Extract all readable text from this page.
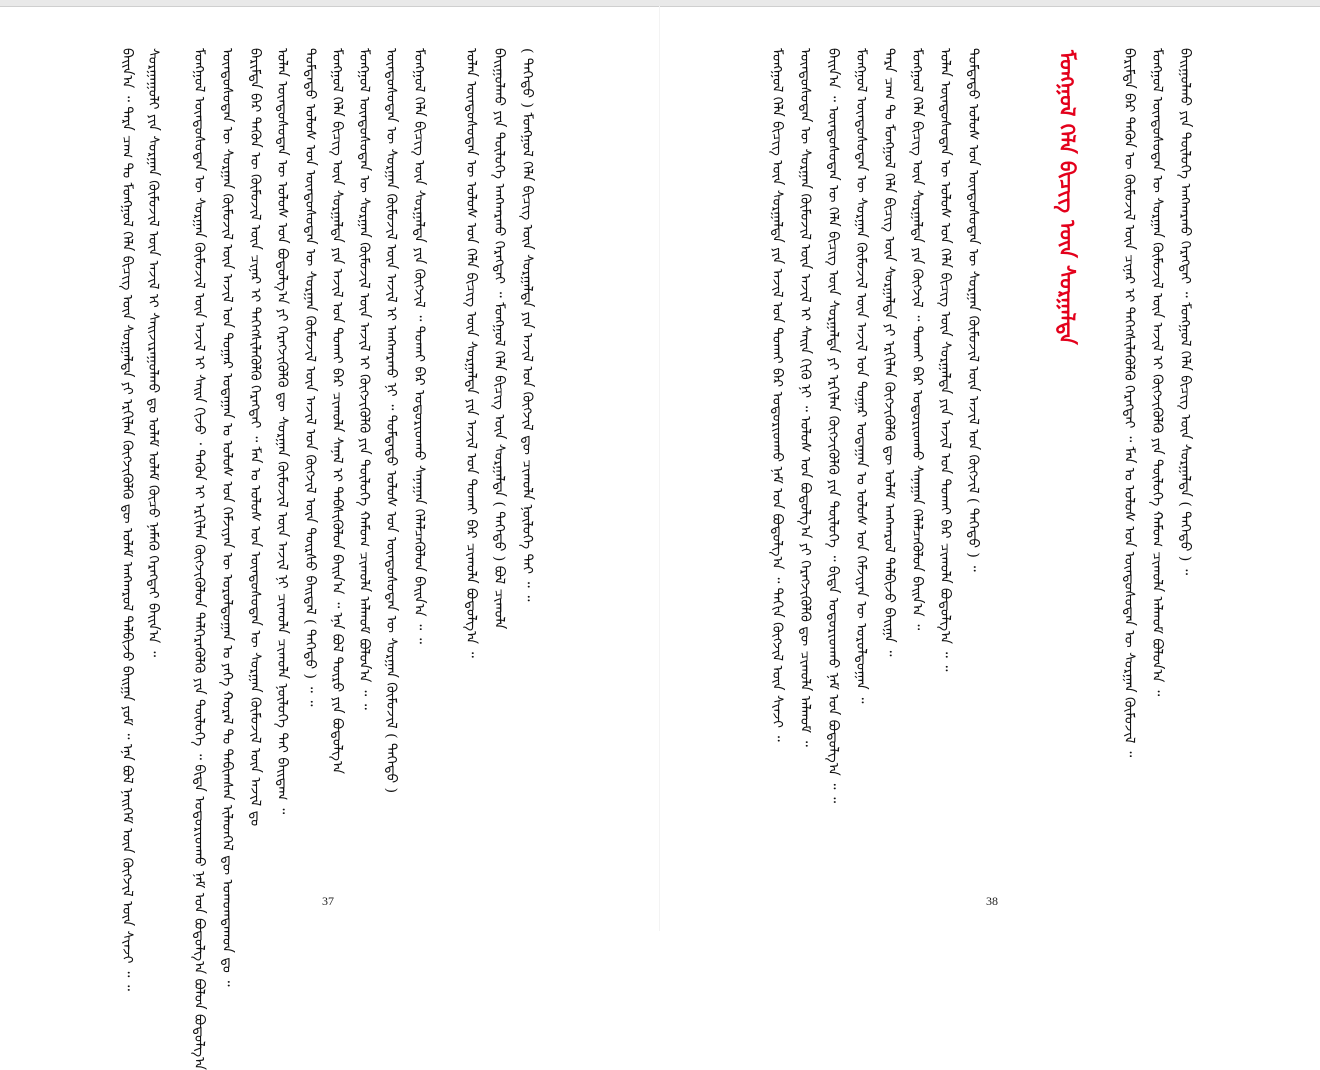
ᠪᠠᠢᠨ᠎ᠠ ᠃ ᠲᠡᠷᠡ ᠴᠠᠭ ᠲᠤ ᠮᠣᠩᠭᠣᠯ ᠬᠡᠯᠡ ᠪᠢᠴᠢᠭ ᠦᠨ ᠰᠤᠷᠭᠠᠯᠲᠠ ᠶᠢ ᠡᠷᠬᠢᠯᠡᠨ ᠬᠥᠭᠵᠢᠭᠦᠯᠬᠦ ᠳᠦ ᠤᠯᠠᠮ ᠠᠩᠬᠠᠷᠤᠯ ᠲᠠᠯᠪᠢᠵᠤ ᠪᠠᠢᠭᠠ ᠶᠤᠮ ᠃ ᠡᠨᠡ ᠪᠣᠯ ᠨᠡᠢᠭᠡᠮ ᠦᠨ ᠬᠥᠭᠵᠢᠯ ᠦᠨ ᠰᠢᠨᠵᠢ ᠃ ᠃ ᠰᠤᠷᠭᠠᠭᠤᠯᠢ ᠶᠢᠨ ᠰᠤᠷᠭᠠᠨ ᠬᠦᠮᠦᠵᠢᠯ ᠦᠨ ᠠᠵᠢᠯ ᠢ ᠰᠠᠢᠵᠢᠷᠠᠭᠤᠯᠬᠤ ᠳᠤ ᠤᠯᠠᠮ ᠤᠯᠠᠮ ᠬᠦᠴᠦ ᠨᠡᠮᠡᠬᠦ ᠬᠡᠷᠡᠭᠲᠡᠢ ᠪᠠᠢᠨ᠎ᠠ ᠃ ᠮᠣᠩᠭᠣᠯ ᠦᠨᠳᠦᠰᠦᠲᠡᠨ ᠦ ᠰᠤᠷᠭᠠᠨ ᠬᠦᠮᠦᠵᠢᠯ ᠦᠨ ᠠᠵᠢᠯ ᠢ ᠰᠠᠢᠨ ᠬᠢᠵᠤ ᠂ ᠲᠡᠭᠦᠨ ᠢ ᠡᠷᠬᠢᠯᠡᠨ ᠬᠥᠭᠵᠢᠭᠦᠯᠦᠨ ᠳᠡᠯᠭᠡᠷᠡᠭᠦᠯᠬᠦ ᠶᠢᠨ ᠲᠥᠯᠦᠭᠡ ᠃ ᠪᠢᠳᠡ ᠤᠳᠤᠷᠢᠳᠬᠤ ᠨᠠᠮ ᠤᠨ ᠪᠣᠳᠤᠯᠭ᠎ᠠ ᠪᠣᠯᠤᠨ ᠪᠣᠳᠤᠯᠭ᠎ᠠ ᠦᠨᠳᠦᠰᠦᠲᠡᠨ ᠦ ᠰᠤᠷᠭᠠᠨ ᠬᠦᠮᠦᠵᠢᠯ ᠦᠨ ᠠᠵᠢᠯ ᠤᠨ ᠳᠤᠭᠠᠷ ᠤᠳᠠᠭᠠᠨ ᠤ ᠤᠯᠤᠰ ᠤᠨ ᠬᠡᠮᠵᠢᠶᠡᠨ ᠦ ᠤᠷᠤᠯᠳᠤᠭᠠᠨ ᠤ ᠶᠡᠬᠡ ᠬᠤᠷᠠᠯ ᠲᠤ ᠲᠠᠪᠢᠭᠰᠠᠨ ᠢᠯᠡᠳᠬᠡᠯ ᠳᠦ ᠤᠬᠤᠭᠳᠠᠬᠤᠨ ᠳᠤ ᠃ ᠪᠠᠷᠢᠮᠲᠠ ᠪᠠᠷ ᠲᠡᠭᠦᠨ ᠦ ᠬᠦᠮᠦᠵᠢᠯ ᠦᠨ ᠴᠢᠨᠠᠷ ᠢ ᠳᠡᠭᠡᠭᠰᠢᠯᠡᠭᠦᠯᠬᠦ ᠬᠡᠷᠡᠭᠲᠡᠢ ᠃ ᠮᠠᠨ ᠤ ᠤᠯᠤᠰ ᠤᠨ ᠦᠨᠳᠦᠰᠦᠲᠡᠨ ᠦ ᠰᠤᠷᠭᠠᠨ ᠬᠦᠮᠦᠵᠢᠯ ᠦᠨ ᠠᠵᠢᠯ ᠳᠤ ᠣᠯᠠᠨ ᠦᠨᠳᠦᠰᠦᠲᠡᠨ ᠦ ᠤᠯᠤᠰ ᠤᠨ ᠪᠣᠳᠤᠯᠭ᠎ᠠ ᠶᠢ ᠬᠡᠷᠡᠭᠵᠢᠭᠦᠯᠬᠦ ᠳᠦ ᠰᠤᠷᠭᠠᠨ ᠬᠦᠮᠦᠵᠢᠯ ᠦᠨ ᠠᠵᠢᠯ ᠨᠢ ᠴᠢᠬᠤᠯᠠ ᠴᠢᠬᠤᠯᠠ ᠨᠥᠯᠦᠭᠡ ᠲᠡᠢ ᠪᠠᠢᠳᠠᠭ ᠃ ᠳᠤᠮᠳᠠᠳᠤ ᠤᠯᠤᠰ ᠤᠨ ᠦᠨᠳᠦᠰᠦᠲᠡᠨ ᠦ ᠰᠤᠷᠭᠠᠨ ᠬᠦᠮᠦᠵᠢᠯ ᠦᠨ ᠠᠵᠢᠯ ᠤᠨ ᠬᠥᠭᠵᠢᠯ ᠦᠨ ᠳᠦᠷᠰᠦ ᠪᠠᠢᠳᠠᠯ ( ᠳᠡᠭᠡᠳᠦ ) ᠃ ᠃ ᠮᠣᠩᠭᠣᠯ ᠬᠡᠯᠡ ᠪᠢᠴᠢᠭ ᠦᠨ ᠰᠤᠷᠭᠠᠯᠲᠠ ᠶᠢᠨ ᠠᠵᠢᠯ ᠤᠨ ᠲᠤᠬᠠᠢ ᠪᠠᠷ ᠴᠢᠬᠤᠯᠠ ᠰᠠᠨᠠᠯ ᠢ ᠳᠡᠪᠰᠢᠭᠦᠯᠦᠨ ᠪᠠᠢᠨ᠎ᠠ ᠃ ᠡᠨᠡ ᠪᠣᠯ ᠲᠥᠷᠦ ᠶᠢᠨ ᠪᠣᠳᠤᠯᠭ᠎ᠠ ᠮᠣᠩᠭᠣᠯ ᠦᠨᠳᠦᠰᠦᠲᠡᠨ ᠦ ᠰᠤᠷᠭᠠᠨ ᠬᠦᠮᠦᠵᠢᠯ ᠦᠨ ᠠᠵᠢᠯ ᠢ ᠬᠥᠭᠵᠢᠭᠦᠯᠬᠦ ᠶᠢᠨ ᠲᠥᠯᠦᠭᠡ ᠬᠠᠮᠤᠭ ᠴᠢᠬᠤᠯᠠ ᠠᠯᠬᠤᠮ ᠪᠣᠯᠤᠨ᠎ᠠ ᠃ ᠃ ᠦᠨᠳᠦᠰᠦᠲᠡᠨ ᠦ ᠰᠤᠷᠭᠠᠨ ᠬᠦᠮᠦᠵᠢᠯ ᠦᠨ ᠠᠵᠢᠯ ᠢ ᠠᠩᠬᠠᠷᠬᠤ ᠨᠢ ᠃ ᠳᠤᠮᠳᠠᠳᠤ ᠤᠯᠤᠰ ᠤᠨ ᠦᠨᠳᠦᠰᠦᠲᠡᠨ ᠦ ᠰᠤᠷᠭᠠᠨ ᠬᠦᠮᠦᠵᠢᠯ ( ᠳᠡᠭᠡᠳᠦ ) ᠮᠣᠩᠭᠣᠯ ᠬᠡᠯᠡ ᠪᠢᠴᠢᠭ ᠦᠨ ᠰᠤᠷᠭᠠᠯᠲᠠ ᠶᠢᠨ ᠬᠥᠭᠵᠢᠯ ᠃ ᠲᠤᠬᠠᠢ ᠪᠠᠷ ᠤᠳᠤᠷᠢᠳᠬᠤ ᠰᠠᠨᠠᠭᠠᠨ ᠬᠡᠯᠡᠯᠴᠡᠭᠦᠯᠦᠨ ᠪᠠᠢᠨ᠎ᠠ ᠃ ᠃	ᠣᠯᠠᠨ ᠦᠨᠳᠦᠰᠦᠲᠡᠨ ᠦ ᠤᠯᠤᠰ ᠤᠨ ᠬᠡᠯᠡ ᠪᠢᠴᠢᠭ ᠦᠨ ᠰᠤᠷᠭᠠᠯᠲᠠ ᠶᠢᠨ ᠠᠵᠢᠯ ᠤᠨ ᠲᠤᠬᠠᠢ ᠪᠠᠷ ᠴᠢᠬᠤᠯᠠ ᠪᠣᠳᠤᠯᠭ᠎ᠠ ᠃ ᠪᠠᠢᠭᠤᠯᠬᠤ ᠶᠢᠨ ᠲᠥᠯᠦᠭᠡ ᠠᠩᠬᠠᠷᠬᠤ ᠬᠡᠷᠡᠭᠲᠡᠢ ᠃ ᠮᠣᠩᠭᠣᠯ ᠬᠡᠯᠡ ᠪᠢᠴᠢᠭ ᠦᠨ ᠰᠤᠷᠭᠠᠯᠲᠠ ( ᠳᠡᠭᠡᠳᠦ ) ᠪᠣᠯ ᠴᠢᠬᠤᠯᠠ ( ᠳᠡᠭᠡᠳᠦ ) ᠮᠣᠩᠭᠣᠯ ᠬᠡᠯᠡ ᠪᠢᠴᠢᠭ ᠦᠨ ᠰᠤᠷᠭᠠᠯᠲᠠ ᠶᠢᠨ ᠠᠵᠢᠯ ᠤᠨ ᠬᠥᠭᠵᠢᠯ ᠳᠦ ᠴᠢᠬᠤᠯᠠ ᠨᠥᠯᠦᠭᠡ ᠲᠡᠢ ᠃ ᠃
37
ᠮᠣᠩᠭᠣᠯ ᠬᠡᠯᠡ ᠪᠢᠴᠢᠭ ᠦᠨ ᠰᠤᠷᠭᠠᠯᠲᠠ ᠶᠢᠨ ᠠᠵᠢᠯ ᠤᠨ ᠲᠤᠬᠠᠢ ᠪᠠᠷ ᠤᠳᠤᠷᠢᠳᠬᠤ ᠨᠠᠮ ᠤᠨ ᠪᠣᠳᠤᠯᠭ᠎ᠠ ᠃ ᠳᠠᠬᠢᠨ ᠬᠥᠭᠵᠢᠯ ᠦᠨ ᠰᠢᠨᠵᠢ ᠃ ᠦᠨᠳᠦᠰᠦᠲᠡᠨ ᠦ ᠰᠤᠷᠭᠠᠨ ᠬᠦᠮᠦᠵᠢᠯ ᠦᠨ ᠠᠵᠢᠯ ᠢ ᠰᠠᠢᠨ ᠬᠢᠬᠦ ᠨᠢ ᠃ ᠤᠯᠤᠰ ᠤᠨ ᠪᠣᠳᠤᠯᠭ᠎ᠠ ᠶᠢ ᠬᠡᠷᠡᠭᠵᠢᠭᠦᠯᠬᠦ ᠳᠦ ᠴᠢᠬᠤᠯᠠ ᠠᠯᠬᠤᠮ ᠃ ᠪᠠᠢᠨ᠎ᠠ ᠃ ᠦᠨᠳᠦᠰᠦᠲᠡᠨ ᠦ ᠬᠡᠯᠡ ᠪᠢᠴᠢᠭ ᠦᠨ ᠰᠤᠷᠭᠠᠯᠲᠠ ᠶᠢ ᠡᠷᠬᠢᠯᠡᠨ ᠬᠥᠭᠵᠢᠭᠦᠯᠬᠦ ᠶᠢᠨ ᠲᠥᠯᠦᠭᠡ ᠃ ᠪᠢᠳᠡ ᠤᠳᠤᠷᠢᠳᠬᠤ ᠨᠠᠮ ᠤᠨ ᠪᠣᠳᠤᠯᠭ᠎ᠠ ᠃ ᠃ ᠮᠣᠩᠭᠣᠯ ᠦᠨᠳᠦᠰᠦᠲᠡᠨ ᠦ ᠰᠤᠷᠭᠠᠨ ᠬᠦᠮᠦᠵᠢᠯ ᠦᠨ ᠠᠵᠢᠯ ᠤᠨ ᠳᠤᠭᠠᠷ ᠤᠳᠠᠭᠠᠨ ᠤ ᠤᠯᠤᠰ ᠤᠨ ᠬᠡᠮᠵᠢᠶᠡᠨ ᠦ ᠤᠷᠤᠯᠳᠤᠭᠠᠨ ᠃ ᠲᠡᠷᠡ ᠴᠠᠭ ᠲᠤ ᠮᠣᠩᠭᠣᠯ ᠬᠡᠯᠡ ᠪᠢᠴᠢᠭ ᠦᠨ ᠰᠤᠷᠭᠠᠯᠲᠠ ᠶᠢ ᠡᠷᠬᠢᠯᠡᠨ ᠬᠥᠭᠵᠢᠭᠦᠯᠬᠦ ᠳᠦ ᠤᠯᠠᠮ ᠠᠩᠬᠠᠷᠤᠯ ᠲᠠᠯᠪᠢᠵᠤ ᠪᠠᠢᠭᠠ ᠃ ᠮᠣᠩᠭᠣᠯ ᠬᠡᠯᠡ ᠪᠢᠴᠢᠭ ᠦᠨ ᠰᠤᠷᠭᠠᠯᠲᠠ ᠶᠢᠨ ᠬᠥᠭᠵᠢᠯ ᠃ ᠲᠤᠬᠠᠢ ᠪᠠᠷ ᠤᠳᠤᠷᠢᠳᠬᠤ ᠰᠠᠨᠠᠭᠠᠨ ᠬᠡᠯᠡᠯᠴᠡᠭᠦᠯᠦᠨ ᠪᠠᠢᠨ᠎ᠠ ᠃ ᠣᠯᠠᠨ ᠦᠨᠳᠦᠰᠦᠲᠡᠨ ᠦ ᠤᠯᠤᠰ ᠤᠨ ᠬᠡᠯᠡ ᠪᠢᠴᠢᠭ ᠦᠨ ᠰᠤᠷᠭᠠᠯᠲᠠ ᠶᠢᠨ ᠠᠵᠢᠯ ᠤᠨ ᠲᠤᠬᠠᠢ ᠪᠠᠷ ᠴᠢᠬᠤᠯᠠ ᠪᠣᠳᠤᠯᠭ᠎ᠠ ᠃ ᠃ ᠳᠤᠮᠳᠠᠳᠤ ᠤᠯᠤᠰ ᠤᠨ ᠦᠨᠳᠦᠰᠦᠲᠡᠨ ᠦ ᠰᠤᠷᠭᠠᠨ ᠬᠦᠮᠦᠵᠢᠯ ᠦᠨ ᠠᠵᠢᠯ ᠤᠨ ᠬᠥᠭᠵᠢᠯ ( ᠳᠡᠭᠡᠳᠦ ) ᠃	ᠮᠣᠩᠭᠣᠯ ᠬᠡᠯᠡ ᠪᠢᠴᠢᠭ ᠦᠨ ᠰᠤᠷᠭᠠᠯᠲᠠ	ᠪᠠᠷᠢᠮᠲᠠ ᠪᠠᠷ ᠲᠡᠭᠦᠨ ᠦ ᠬᠦᠮᠦᠵᠢᠯ ᠦᠨ ᠴᠢᠨᠠᠷ ᠢ ᠳᠡᠭᠡᠭᠰᠢᠯᠡᠭᠦᠯᠬᠦ ᠬᠡᠷᠡᠭᠲᠡᠢ ᠃ ᠮᠠᠨ ᠤ ᠤᠯᠤᠰ ᠤᠨ ᠦᠨᠳᠦᠰᠦᠲᠡᠨ ᠦ ᠰᠤᠷᠭᠠᠨ ᠬᠦᠮᠦᠵᠢᠯ ᠃ ᠮᠣᠩᠭᠣᠯ ᠦᠨᠳᠦᠰᠦᠲᠡᠨ ᠦ ᠰᠤᠷᠭᠠᠨ ᠬᠦᠮᠦᠵᠢᠯ ᠦᠨ ᠠᠵᠢᠯ ᠢ ᠬᠥᠭᠵᠢᠭᠦᠯᠬᠦ ᠶᠢᠨ ᠲᠥᠯᠦᠭᠡ ᠬᠠᠮᠤᠭ ᠴᠢᠬᠤᠯᠠ ᠠᠯᠬᠤᠮ ᠪᠣᠯᠤᠨ᠎ᠠ ᠃ ᠪᠠᠢᠭᠤᠯᠬᠤ ᠶᠢᠨ ᠲᠥᠯᠦᠭᠡ ᠠᠩᠬᠠᠷᠬᠤ ᠬᠡᠷᠡᠭᠲᠡᠢ ᠃ ᠮᠣᠩᠭᠣᠯ ᠬᠡᠯᠡ ᠪᠢᠴᠢᠭ ᠦᠨ ᠰᠤᠷᠭᠠᠯᠲᠠ ( ᠳᠡᠭᠡᠳᠦ ) ᠃
38
